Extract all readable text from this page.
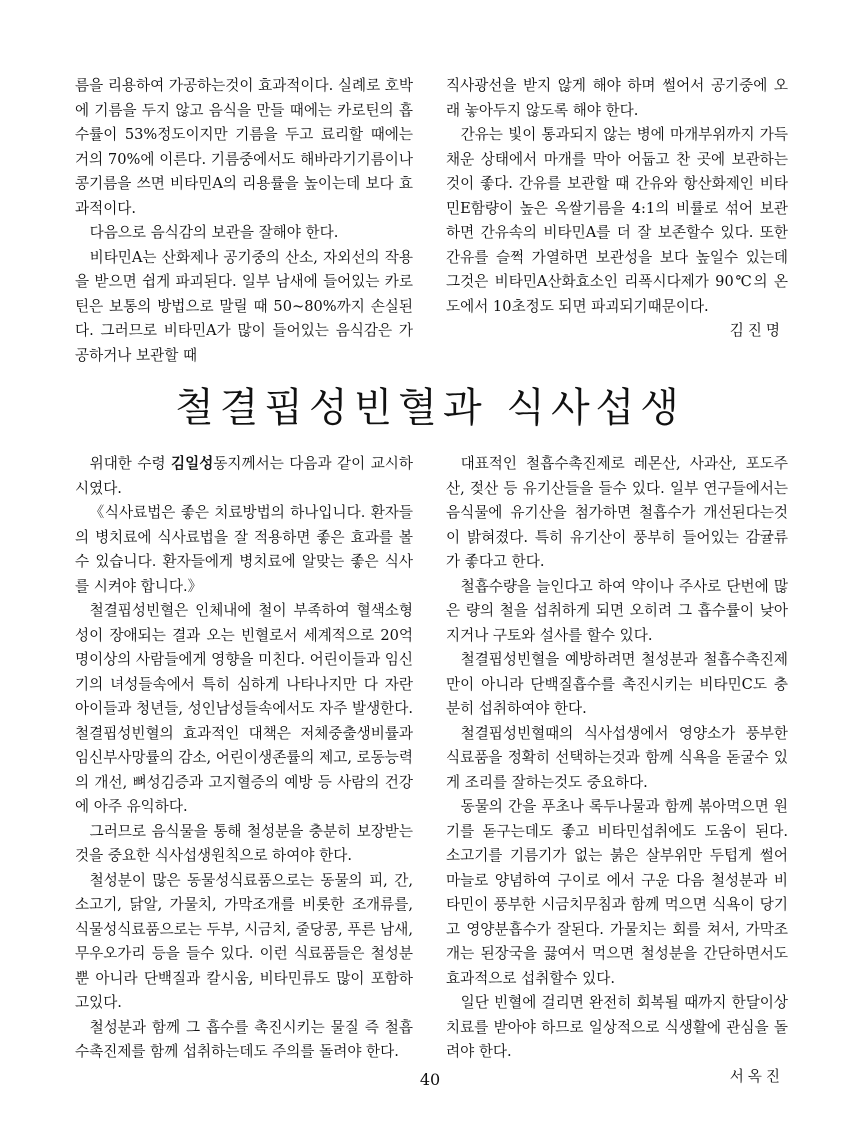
름을 리용하여 가공하는것이 효과적이다. 실례로 호박에 기름을 두지 않고 음식을 만들 때에는 카로틴의 흡수률이 53%정도이지만 기름을 두고 료리할 때에는 거의 70%에 이른다. 기름중에서도 해바라기기름이나 콩기름을 쓰면 비타민A의 리용률을 높이는데 보다 효과적이다.

다음으로 음식감의 보관을 잘해야 한다.

비타민A는 산화제나 공기중의 산소, 자외선의 작용을 받으면 쉽게 파괴된다. 일부 남새에 들어있는 카로틴은 보통의 방법으로 말릴 때 50~80%까지 손실된다. 그러므로 비타민A가 많이 들어있는 음식감은 가공하거나 보관할 때

직사광선을 받지 않게 해야 하며 썰어서 공기중에 오래 놓아두지 않도록 해야 한다.

간유는 빛이 통과되지 않는 병에 마개부위까지 가득 채운 상태에서 마개를 막아 어둡고 찬 곳에 보관하는것이 좋다. 간유를 보관할 때 간유와 항산화제인 비타민E함량이 높은 옥쌀기름을 4:1의 비률로 섞어 보관하면 간유속의 비타민A를 더 잘 보존할수 있다. 또한 간유를 슬쩍 가열하면 보관성을 보다 높일수 있는데 그것은 비타민A산화효소인 리폭시다제가 90℃의 온도에서 10초정도 되면 파괴되기때문이다.

김진명

철결핍성빈혈과 식사섭생

위대한 수령 김일성동지께서는 다음과 같이 교시하시였다.

《식사료법은 좋은 치료방법의 하나입니다. 환자들의 병치료에 식사료법을 잘 적용하면 좋은 효과를 볼수 있습니다. 환자들에게 병치료에 알맞는 좋은 식사를 시켜야 합니다.》

철결핍성빈혈은 인체내에 철이 부족하여 혈색소형성이 장애되는 결과 오는 빈혈로서 세계적으로 20억명이상의 사람들에게 영향을 미친다. 어린이들과 임신기의 녀성들속에서 특히 심하게 나타나지만 다 자란 아이들과 청년들, 성인남성들속에서도 자주 발생한다. 철결핍성빈혈의 효과적인 대책은 저체중출생비률과 임신부사망률의 감소, 어린이생존률의 제고, 로동능력의 개선, 뼈성김증과 고지혈증의 예방 등 사람의 건강에 아주 유익하다.

그러므로 음식물을 통해 철성분을 충분히 보장받는것을 중요한 식사섭생원칙으로 하여야 한다.

철성분이 많은 동물성식료품으로는 동물의 피, 간, 소고기, 닭알, 가물치, 가막조개를 비롯한 조개류를, 식물성식료품으로는 두부, 시금치, 줄당콩, 푸른 남새, 무우오가리 등을 들수 있다. 이런 식료품들은 철성분뿐 아니라 단백질과 칼시움, 비타민류도 많이 포함하고있다.

철성분과 함께 그 흡수를 촉진시키는 물질 즉 철흡수촉진제를 함께 섭취하는데도 주의를 돌려야 한다.

대표적인 철흡수촉진제로 레몬산, 사과산, 포도주산, 젖산 등 유기산들을 들수 있다. 일부 연구들에서는 음식물에 유기산을 첨가하면 철흡수가 개선된다는것이 밝혀졌다. 특히 유기산이 풍부히 들어있는 감귤류가 좋다고 한다.

철흡수량을 늘인다고 하여 약이나 주사로 단번에 많은 량의 철을 섭취하게 되면 오히려 그 흡수률이 낮아지거나 구토와 설사를 할수 있다.

철결핍성빈혈을 예방하려면 철성분과 철흡수촉진제만이 아니라 단백질흡수를 촉진시키는 비타민C도 충분히 섭취하여야 한다.

철결핍성빈혈때의 식사섭생에서 영양소가 풍부한 식료품을 정확히 선택하는것과 함께 식욕을 돋굴수 있게 조리를 잘하는것도 중요하다.

동물의 간을 푸초나 록두나물과 함께 볶아먹으면 원기를 돋구는데도 좋고 비타민섭취에도 도움이 된다. 소고기를 기름기가 없는 붉은 살부위만 두텁게 썰어 마늘로 양념하여 구이로 에서 구운 다음 철성분과 비타민이 풍부한 시금치무침과 함께 먹으면 식욕이 당기고 영양분흡수가 잘된다. 가물치는 회를 쳐서, 가막조개는 된장국을 끓여서 먹으면 철성분을 간단하면서도 효과적으로 섭취할수 있다.

일단 빈혈에 걸리면 완전히 회복될 때까지 한달이상 치료를 받아야 하므로 일상적으로 식생활에 관심을 돌려야 한다.

서옥진

40
